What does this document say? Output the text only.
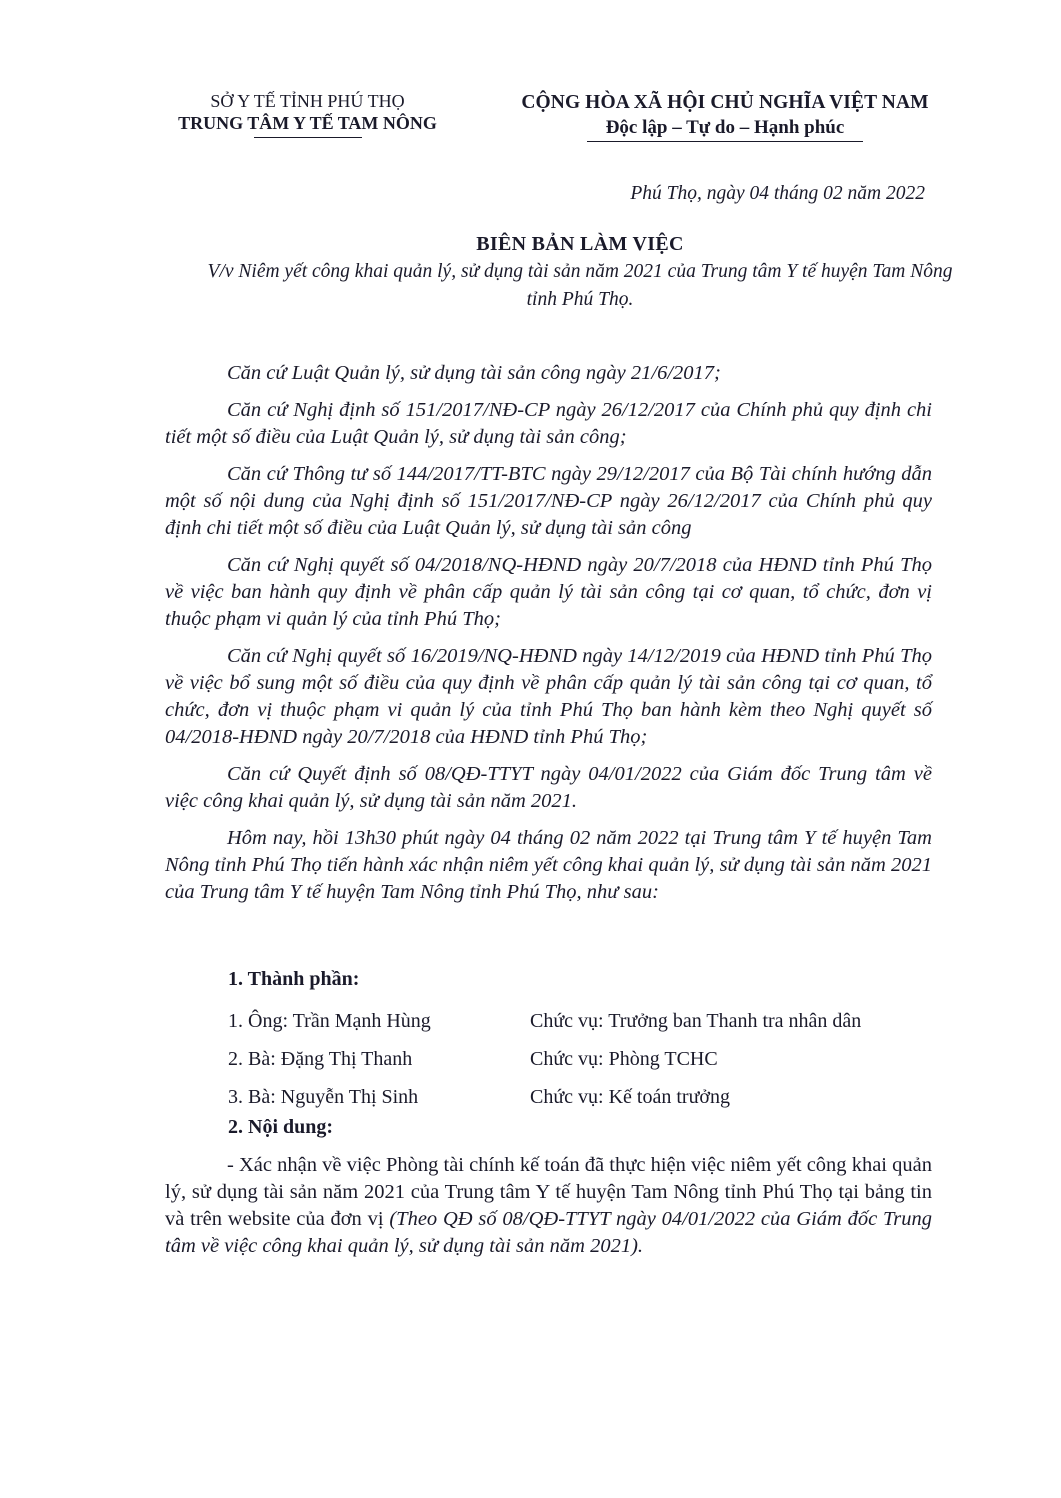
SỞ Y TẾ TỈNH PHÚ THỌ
TRUNG TÂM Y TẾ TAM NÔNG
CỘNG HÒA XÃ HỘI CHỦ NGHĨA VIỆT NAM
Độc lập – Tự do – Hạnh phúc
Phú Thọ, ngày 04 tháng 02 năm 2022
BIÊN BẢN LÀM VIỆC
V/v Niêm yết công khai quản lý, sử dụng tài sản năm 2021 của Trung tâm Y tế huyện Tam Nông tỉnh Phú Thọ.

Căn cứ Luật Quản lý, sử dụng tài sản công ngày 21/6/2017;

Căn cứ Nghị định số 151/2017/NĐ-CP ngày 26/12/2017 của Chính phủ quy định chi tiết một số điều của Luật Quản lý, sử dụng tài sản công;

Căn cứ Thông tư số 144/2017/TT-BTC ngày 29/12/2017 của Bộ Tài chính hướng dẫn một số nội dung của Nghị định số 151/2017/NĐ-CP ngày 26/12/2017 của Chính phủ quy định chi tiết một số điều của Luật Quản lý, sử dụng tài sản công

Căn cứ Nghị quyết số 04/2018/NQ-HĐND ngày 20/7/2018 của HĐND tỉnh Phú Thọ về việc ban hành quy định về phân cấp quản lý tài sản công tại cơ quan, tổ chức, đơn vị thuộc phạm vi quản lý của tỉnh Phú Thọ;

Căn cứ Nghị quyết số 16/2019/NQ-HĐND ngày 14/12/2019 của HĐND tỉnh Phú Thọ về việc bổ sung một số điều của quy định về phân cấp quản lý tài sản công tại cơ quan, tổ chức, đơn vị thuộc phạm vi quản lý của tỉnh Phú Thọ ban hành kèm theo Nghị quyết số 04/2018-HĐND ngày 20/7/2018 của HĐND tỉnh Phú Thọ;

Căn cứ Quyết định số 08/QĐ-TTYT ngày 04/01/2022 của Giám đốc Trung tâm về việc công khai quản lý, sử dụng tài sản năm 2021.

Hôm nay, hồi 13h30 phút ngày 04 tháng 02 năm 2022 tại Trung tâm Y tế huyện Tam Nông tỉnh Phú Thọ tiến hành xác nhận niêm yết công khai quản lý, sử dụng tài sản năm 2021 của Trung tâm Y tế huyện Tam Nông tỉnh Phú Thọ, như sau:

1. Thành phần:
1. Ông: Trần Mạnh Hùng	Chức vụ: Trưởng ban Thanh tra nhân dân
2. Bà: Đặng Thị Thanh	Chức vụ: Phòng TCHC
3. Bà: Nguyễn Thị Sinh	Chức vụ: Kế toán trưởng
2. Nội dung:
- Xác nhận về việc Phòng tài chính kế toán đã thực hiện việc niêm yết công khai quản lý, sử dụng tài sản năm 2021 của Trung tâm Y tế huyện Tam Nông tỉnh Phú Thọ tại bảng tin và trên website của đơn vị (Theo QĐ số 08/QĐ-TTYT ngày 04/01/2022 của Giám đốc Trung tâm về việc công khai quản lý, sử dụng tài sản năm 2021).
